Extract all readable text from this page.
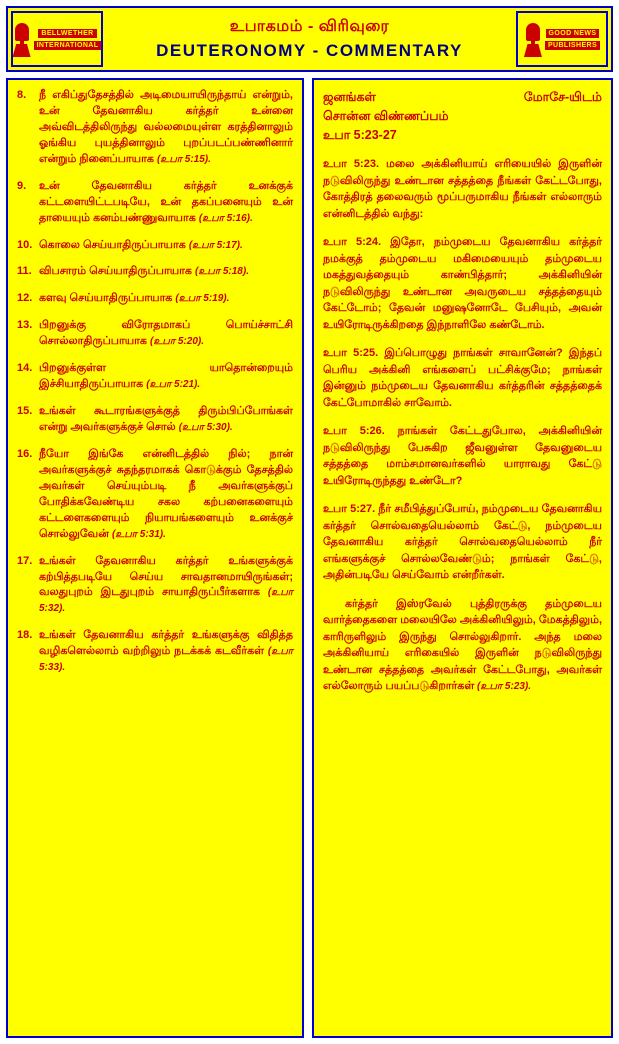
BELLWETHER
INTERNATIONAL
உபாகமம் - விரிவுரை
DEUTERONOMY - COMMENTARY
GOOD NEWS
PUBLISHERS
8.	நீ எகிப்துதேசத்தில் அடிமையாயிருந்தாய் என்றும், உன் தேவனாகிய கர்த்தர் உன்னை அவ்விடத்திலிருந்து வல்லமையுள்ள கரத்தினாலும் ஓங்கிய புயத்தினாலும் புறப்படப்பண்ணினார் என்றும் நினைப்பாயாக (உபா 5:15).
9.	உன் தேவனாகிய கர்த்தர் உனக்குக் கட்டளையிட்டபடியே, உன் தகப்பனையும் உன் தாயையும் கனம்பண்ணுவாயாக (உபா 5:16).
10. கொலை செய்யாதிருப்பாயாக (உபா 5:17).
11. விபசாரம் செய்யாதிருப்பாயாக (உபா 5:18).
12. களவு செய்யாதிருப்பாயாக (உபா 5:19).
13. பிறனுக்கு விரோதமாகப் பொய்ச்சாட்சி சொல்லாதிருப்பாயாக (உபா 5:20).
14. பிறனுக்குள்ள யாதொன்றையும் இச்சியாதிருப்பாயாக (உபா 5:21).
15. உங்கள் கூடாரங்களுக்குத் திரும்பிப்போங்கள் என்று அவர்களுக்குச் சொல் (உபா 5:30).
16. நீயோ இங்கே என்னிடத்தில் நில்; நான் அவர்களுக்குச் சுதந்தரமாகக் கொடுக்கும் தேசத்தில் அவர்கள் செய்யும்படி நீ அவர்களுக்குப் போதிக்கவேண்டிய சகல கற்பனைகளையும் கட்டளைகளையும் நியாயங்களையும் உனக்குச் சொல்லுவேன் (உபா 5:31).
17. உங்கள் தேவனாகிய கர்த்தர் உங்களுக்குக் கற்பித்தபடியே செய்ய சாவதானமாயிருங்கள்; வலதுபுறம் இடதுபுறம் சாயாதிருப்பீர்களாக (உபா 5:32).
18. உங்கள் தேவனாகிய கர்த்தர் உங்களுக்கு விதித்த வழிகளெல்லாம் வற்றிலும் நடக்கக் கடவீர்கள் (உபா 5:33).
ஜனங்கள்	மோசே-யிடம்
சொன்ன விண்ணப்பம்
உபா 5:23-27
உபா 5:23. மலை அக்கினியாய் எரியையில் இருளின் நடுவிலிருந்து உண்டான சத்தத்தை நீங்கள் கேட்டபோது, கோத்திரத் தலைவரும் மூப்பருமாகிய நீங்கள் எல்லாரும் என்னிடத்தில் வந்து:
உபா 5:24. இதோ, நம்முடைய தேவனாகிய கர்த்தர் நமக்குத் தம்முடைய மகிமையையும் தம்முடைய மகத்துவத்தையும் காண்பித்தார்; அக்கினியின் நடுவிலிருந்து உண்டான அவருடைய சத்தத்தையும் கேட்டோம்; தேவன் மனுஷனோடே பேசியும், அவன் உயிரோடிருக்கிறதை இந்நாளிலே கண்டோம்.
உபா 5:25. இப்பொழுது நாங்கள் சாவானேன்? இந்தப் பெரிய அக்கினி எங்களைப் பட்சிக்குமே; நாங்கள் இன்னும் நம்முடைய தேவனாகிய கர்த்தரின் சத்தத்தைக் கேட்போமாகில் சாவோம்.
உபா 5:26. நாங்கள் கேட்டதுபோல, அக்கினியின் நடுவிலிருந்து பேசுகிற ஜீவனுள்ள தேவனுடைய சத்தத்தை மாம்சமானவர்களில் யாராவது கேட்டு உயிரோடிருந்தது உண்டோ?
உபா 5:27. நீர் சமீபித்துப்போய், நம்முடைய தேவனாகிய கர்த்தர் சொல்வதையெல்லாம் கேட்டு, நம்முடைய தேவனாகிய கர்த்தர் சொல்வதையெல்லாம் நீர் எங்களுக்குச் சொல்லவேண்டும்; நாங்கள் கேட்டு, அதின்படியே செய்வோம் என்றீர்கள்.
கர்த்தர் இஸ்ரவேல் புத்திரருக்கு தம்முடைய வார்த்தைகளை மலையிலே அக்கினியிலும், மேகத்திலும், காரிருளிலும் இருந்து சொல்லுகிறார். அந்த மலை அக்கினியாய் எரிகையில் இருளின் நடுவிலிருந்து உண்டான சத்தத்தை அவர்கள் கேட்டபோது, அவர்கள் எல்லோரும் பயப்படுகிறார்கள் (உபா 5:23).
